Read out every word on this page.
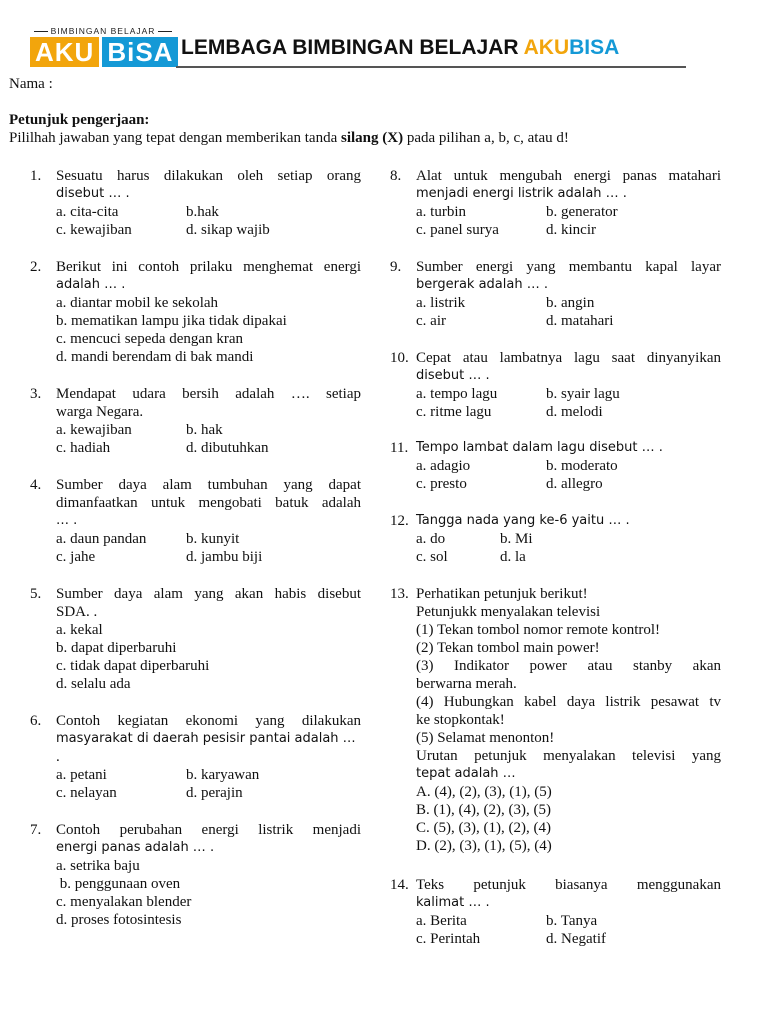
BIMBINGAN BELAJAR
AKU BiSA LEMBAGA BIMBINGAN BELAJAR AKUBISA
Nama :
Petunjuk pengerjaan:
Pililhah jawaban yang tepat dengan memberikan tanda silang (X) pada pilihan a, b, c, atau d!
1. Sesuatu harus dilakukan oleh setiap orang
disebut … .
a. cita-cita	b.hak
c. kewajiban	d. sikap wajib
2. Berikut ini contoh prilaku menghemat energi
adalah … .
a. diantar mobil ke sekolah
b. mematikan lampu jika tidak dipakai
c. mencuci sepeda dengan kran
d. mandi berendam di bak mandi
3. Mendapat udara bersih adalah …. setiap
warga Negara.
a. kewajiban	b. hak
c. hadiah	d. dibutuhkan
4. Sumber daya alam tumbuhan yang dapat
dimanfaatkan untuk mengobati batuk adalah
… .
a. daun pandan	b. kunyit
c. jahe	d. jambu biji
5. Sumber daya alam yang akan habis disebut
SDA. .
a. kekal
b. dapat diperbaruhi
c. tidak dapat diperbaruhi
d. selalu ada
6. Contoh kegiatan ekonomi yang dilakukan
masyarakat di daerah pesisir pantai adalah …
.
a. petani	b. karyawan
c. nelayan	d. perajin
7. Contoh perubahan energi listrik menjadi
energi panas adalah … .
a. setrika baju
b. penggunaan oven
c. menyalakan blender
d. proses fotosintesis
8. Alat untuk mengubah energi panas matahari
menjadi energi listrik adalah … .
a. turbin	b. generator
c. panel surya	d. kincir
9. Sumber energi yang membantu kapal layar
bergerak adalah … .
a. listrik	b. angin
c. air	d. matahari
10. Cepat atau lambatnya lagu saat dinyanyikan
disebut … .
a. tempo lagu	b. syair lagu
c. ritme lagu	d. melodi
11. Tempo lambat dalam lagu disebut … .
a. adagio	b. moderato
c. presto	d. allegro
12. Tangga nada yang ke-6 yaitu … .
a. do	b. Mi
c. sol	d. la
13. Perhatikan petunjuk berikut!
Petunjukk menyalakan televisi
(1) Tekan tombol nomor remote kontrol!
(2) Tekan tombol main power!
(3) Indikator power atau stanby akan
berwarna merah.
(4) Hubungkan kabel daya listrik pesawat tv
ke stopkontak!
(5) Selamat menonton!
Urutan petunjuk menyalakan televisi yang
tepat adalah …
A. (4), (2), (3), (1), (5)
B. (1), (4), (2), (3), (5)
C. (5), (3), (1), (2), (4)
D. (2), (3), (1), (5), (4)
14. Teks petunjuk biasanya menggunakan
kalimat … .
a. Berita	b. Tanya
c. Perintah	d. Negatif
